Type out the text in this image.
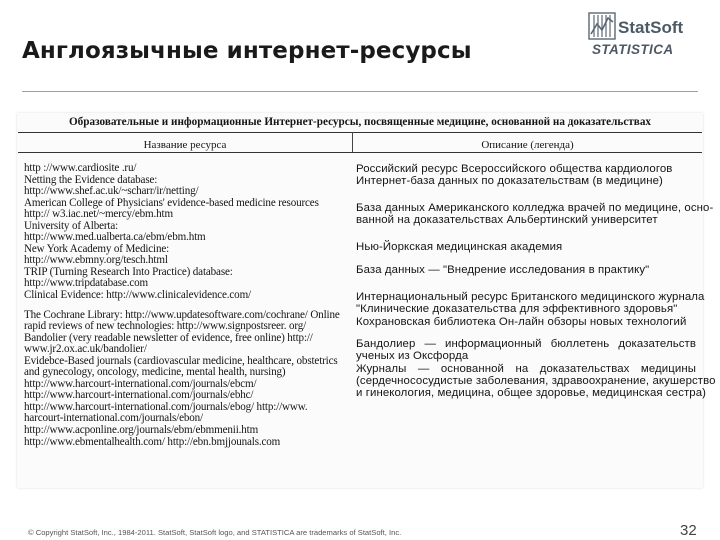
Англоязычные интернет-ресурсы
StatSoft
STATISTICA
Образовательные и информационные Интернет-ресурсы, посвященные медицине, основанной на доказательствах
Название ресурса	Описание (легенда)
http ://www.cardiosite .ru/
Netting the Evidence database:
http://www.shef.ac.uk/~scharr/ir/netting/
American College of Physicians' evidence-based medicine resources
http:// w3.iac.net/~mercy/ebm.htm
University of Alberta:
http://www.med.ualberta.ca/ebm/ebm.htm
New York Academy of Medicine:
http://www.ebmny.org/tesch.html
TRIP (Turning Research Into Practice) database:
http://www.tripdatabase.com
Clinical Evidence: http://www.clinicalevidence.com/
The Cochrane Library: http://www.updatesoftware.com/cochrane/ Online
rapid reviews of new technologies: http://www.signpostsreer. org/
Bandolier (very readable newsletter of evidence, free online) http://
www.jr2.ox.ac.uk/bandolier/
Evidebce-Based journals (cardiovascular medicine, healthcare, obstetrics
and gynecology, oncology, medicine, mental health, nursing)
http://www.harcourt-international.com/journals/ebcm/
http://www.harcourt-international.com/journals/ebhc/
http://www.harcourt-international.com/journals/ebog/ http://www.
harcourt-international.com/journals/ebon/
http://www.acponline.org/journals/ebm/ebmmenii.htm
http://www.ebmentalhealth.com/ http://ebn.bmjjounals.com
Российский ресурс Всероссийского общества кардиологов
Интернет-база данных по доказательствам (в медицине)
База данных Американского колледжа врачей по медицине, осно-
ванной на доказательствах Альбертинский университет
Нью-Йоркская медицинская академия
База данных — "Внедрение исследования в практику"
Интернациональный ресурс Британского медицинского журнала
"Клинические доказательства для эффективного здоровья"
Кохрановская библиотека Он-лайн обзоры новых технологий
Бандолиер — информационный бюллетень доказательств
ученых из Оксфорда
Журналы — основанной на доказательствах медицины
(сердечнососудистые заболевания, здравоохранение, акушерство
и гинекология, медицина, общее здоровье, медицинская сестра)
© Copyright StatSoft, Inc., 1984-2011. StatSoft, StatSoft logo, and STATISTICA are trademarks of StatSoft, Inc.	32
